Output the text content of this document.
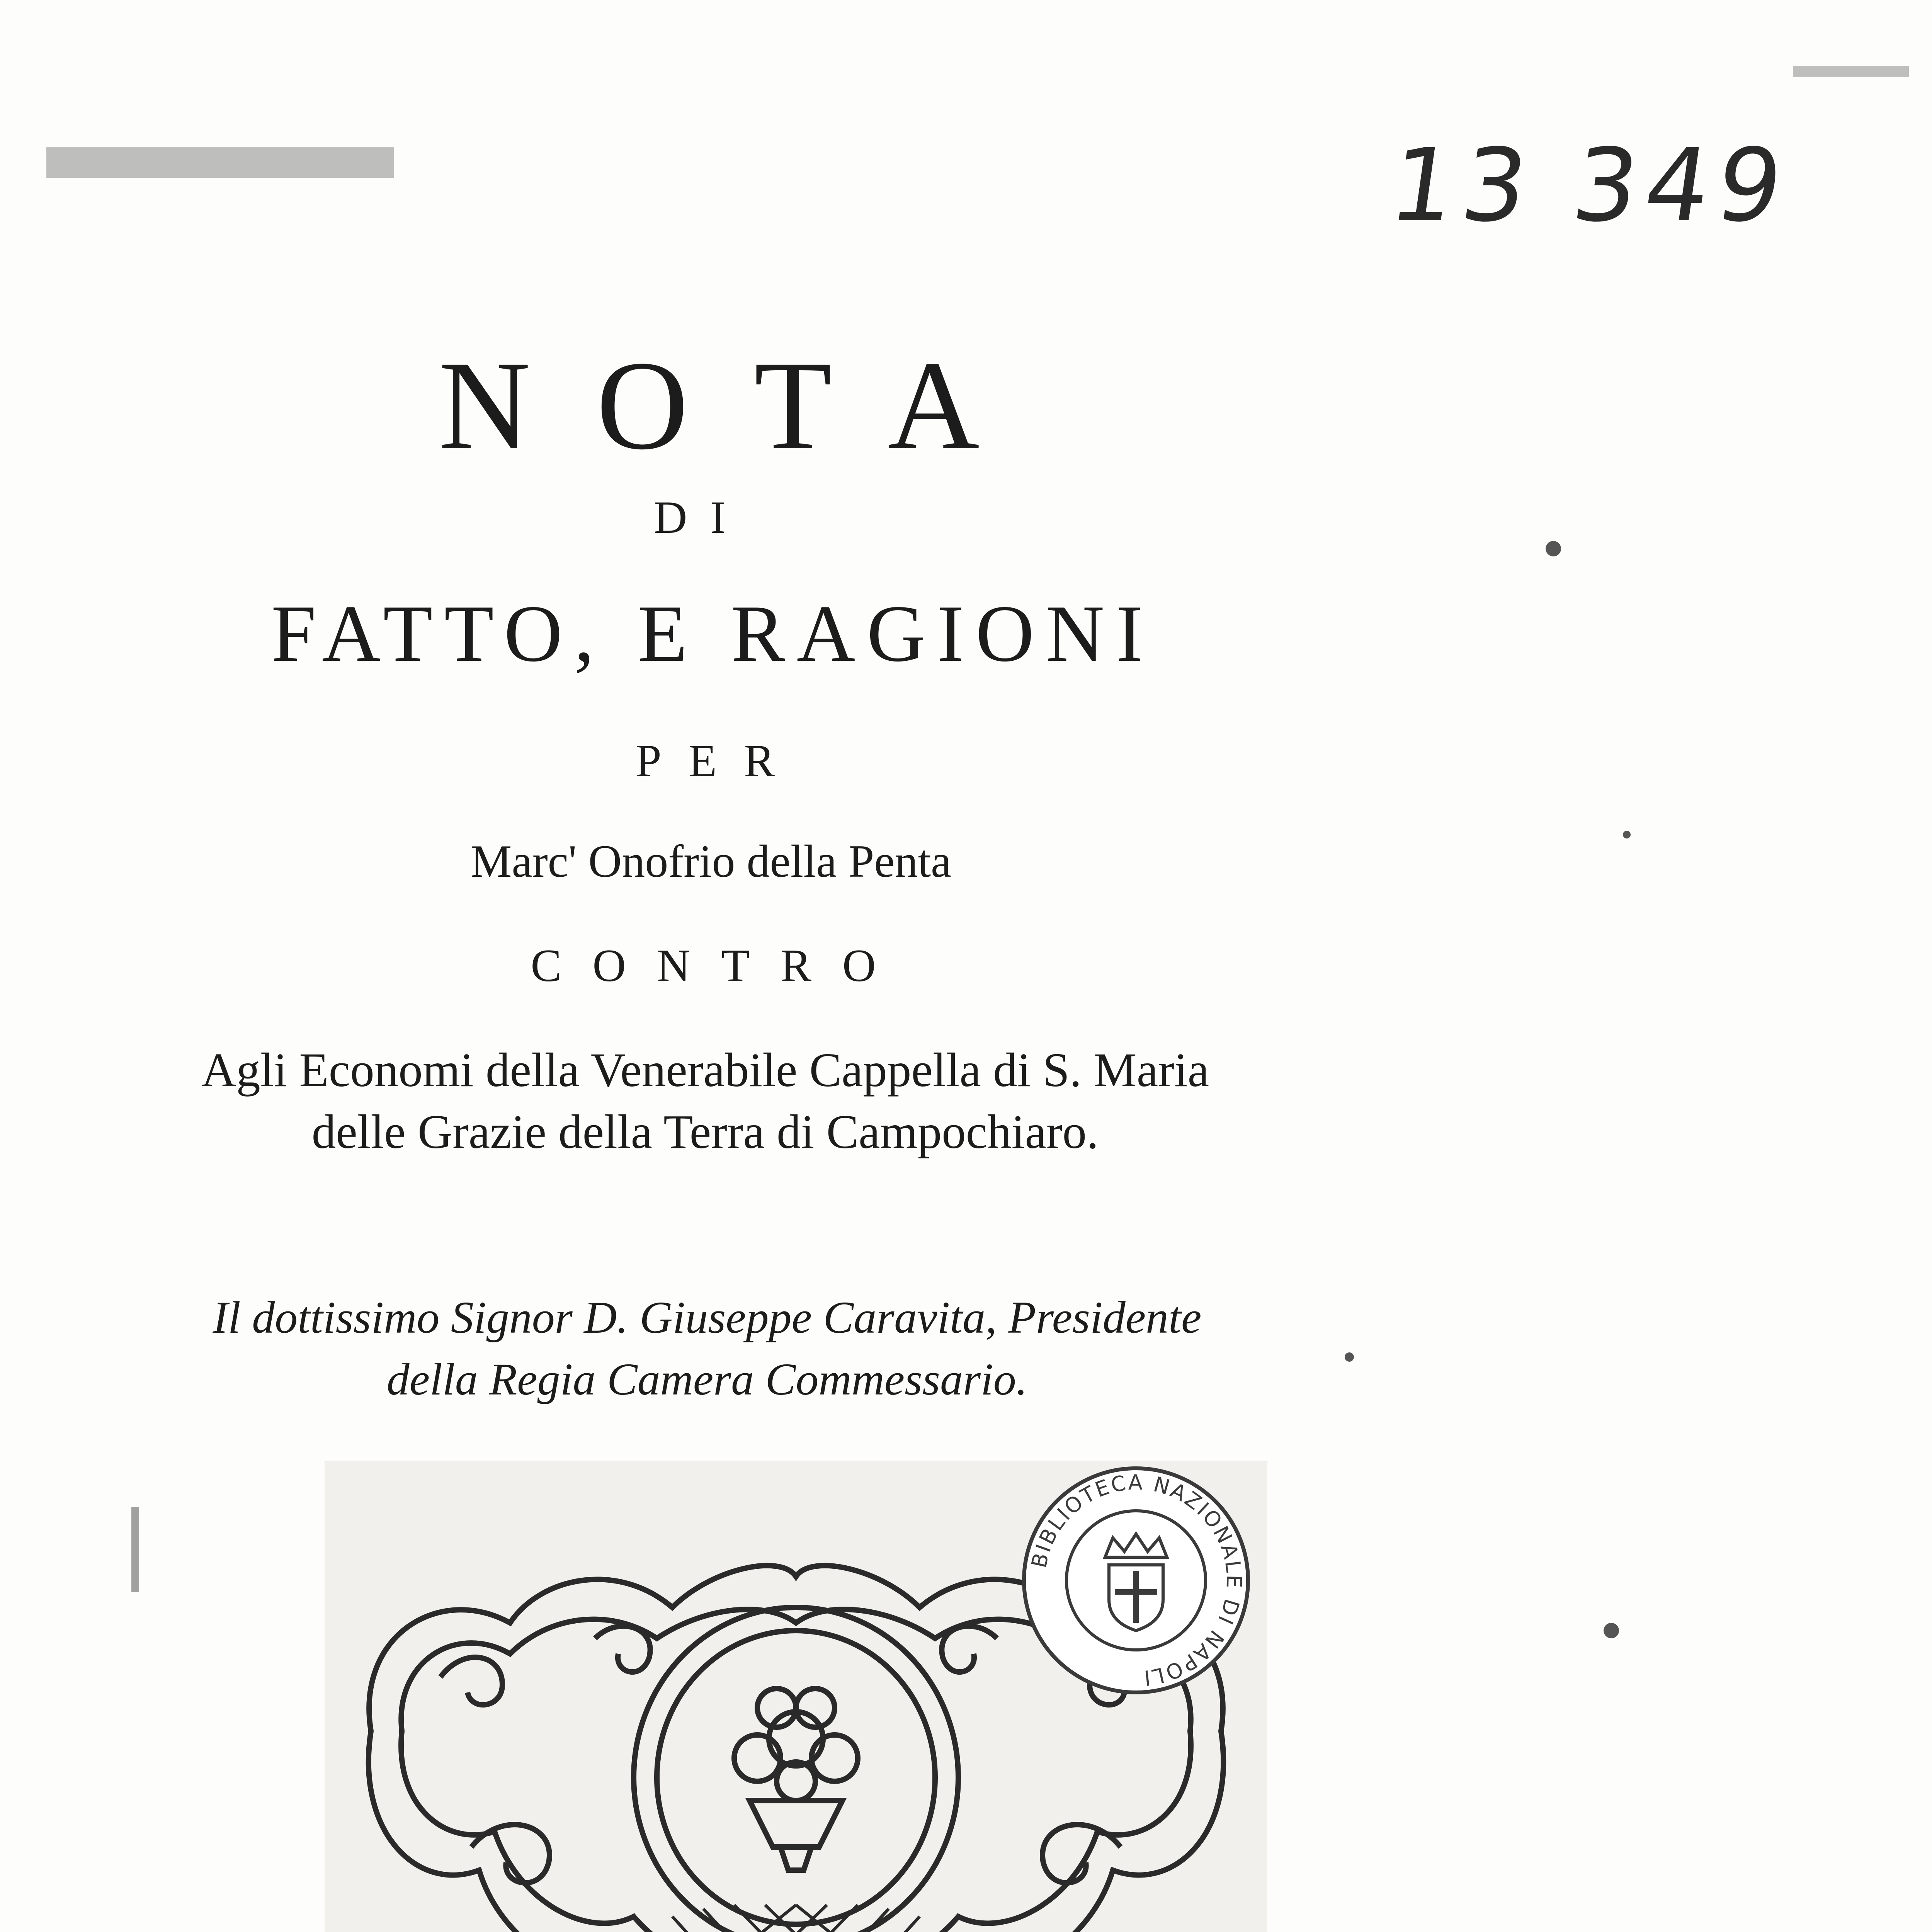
13 349
NOTA
DI
FATTO, E RAGIONI
PER
Marc' Onofrio della Penta
CONTRO
Agli Economi della Venerabile Cappella di S. Maria
delle Grazie della Terra di Campochiaro.
Il dottissimo Signor D. Giuseppe Caravita, Presidente
della Regia Camera Commessario.
BIBLIOTECA NAZIONALE DI NAPOLI
